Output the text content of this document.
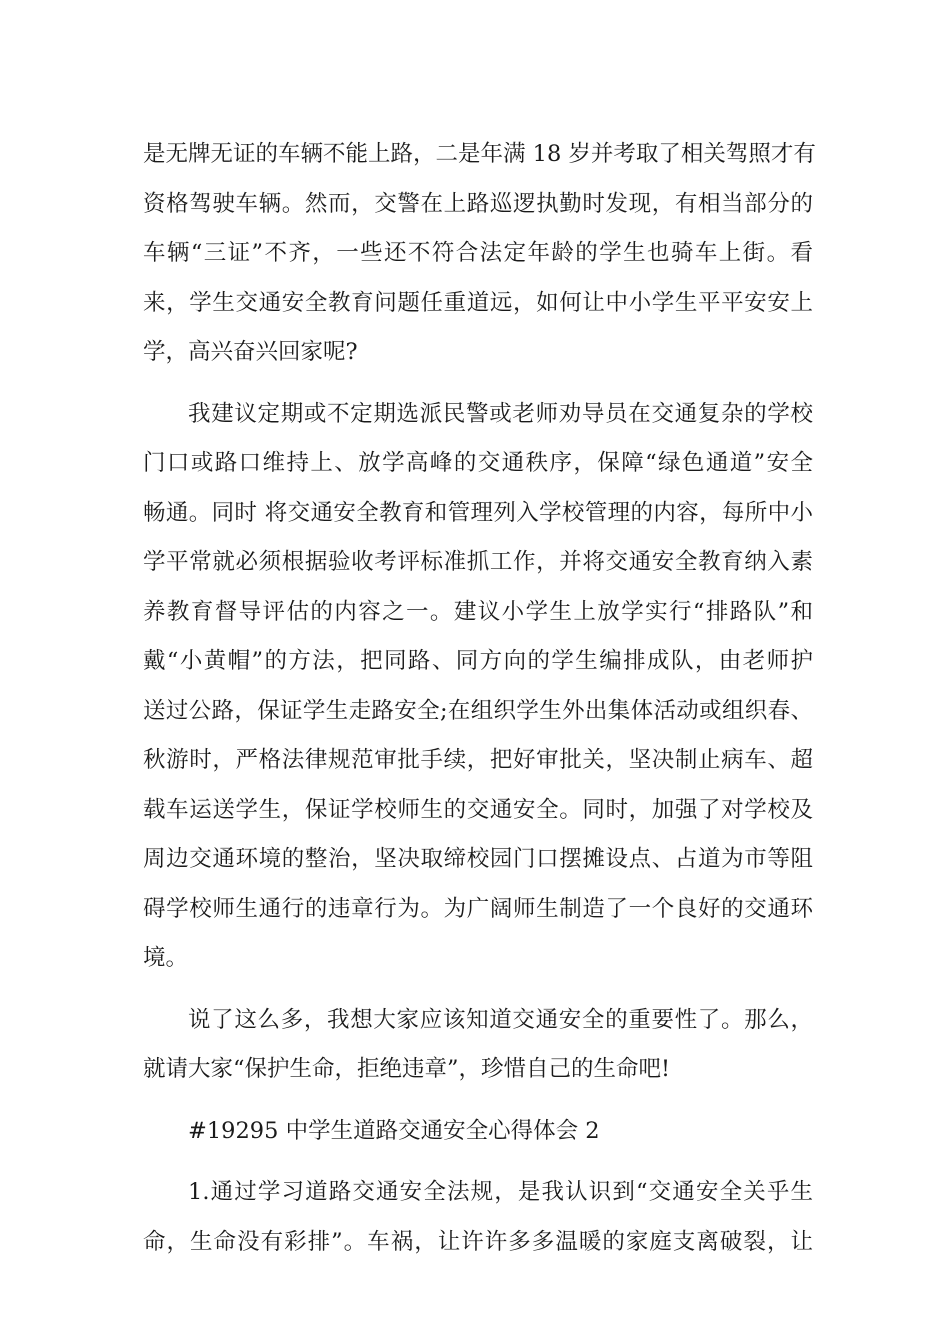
是无牌无证的车辆不能上路，二是年满 18 岁并考取了相关驾照才有
资格驾驶车辆。然而，交警在上路巡逻执勤时发现，有相当部分的
车辆“三证”不齐，一些还不符合法定年龄的学生也骑车上街。看
来，学生交通安全教育问题任重道远，如何让中小学生平平安安上
学，高兴奋兴回家呢?
我建议定期或不定期选派民警或老师劝导员在交通复杂的学校
门口或路口维持上、放学高峰的交通秩序，保障“绿色通道”安全
畅通。同时 将交通安全教育和管理列入学校管理的内容，每所中小
学平常就必须根据验收考评标准抓工作，并将交通安全教育纳入素
养教育督导评估的内容之一。建议小学生上放学实行“排路队”和
戴“小黄帽”的方法，把同路、同方向的学生编排成队，由老师护
送过公路，保证学生走路安全;在组织学生外出集体活动或组织春、
秋游时，严格法律规范审批手续，把好审批关，坚决制止病车、超
载车运送学生，保证学校师生的交通安全。同时，加强了对学校及
周边交通环境的整治，坚决取缔校园门口摆摊设点、占道为市等阻
碍学校师生通行的违章行为。为广阔师生制造了一个良好的交通环
境。
说了这么多，我想大家应该知道交通安全的重要性了。那么，
就请大家“保护生命，拒绝违章”，珍惜自己的生命吧!
#19295 中学生道路交通安全心得体会 2
1.通过学习道路交通安全法规，是我认识到“交通安全关乎生
命，生命没有彩排”。车祸，让许许多多温暖的家庭支离破裂，让
